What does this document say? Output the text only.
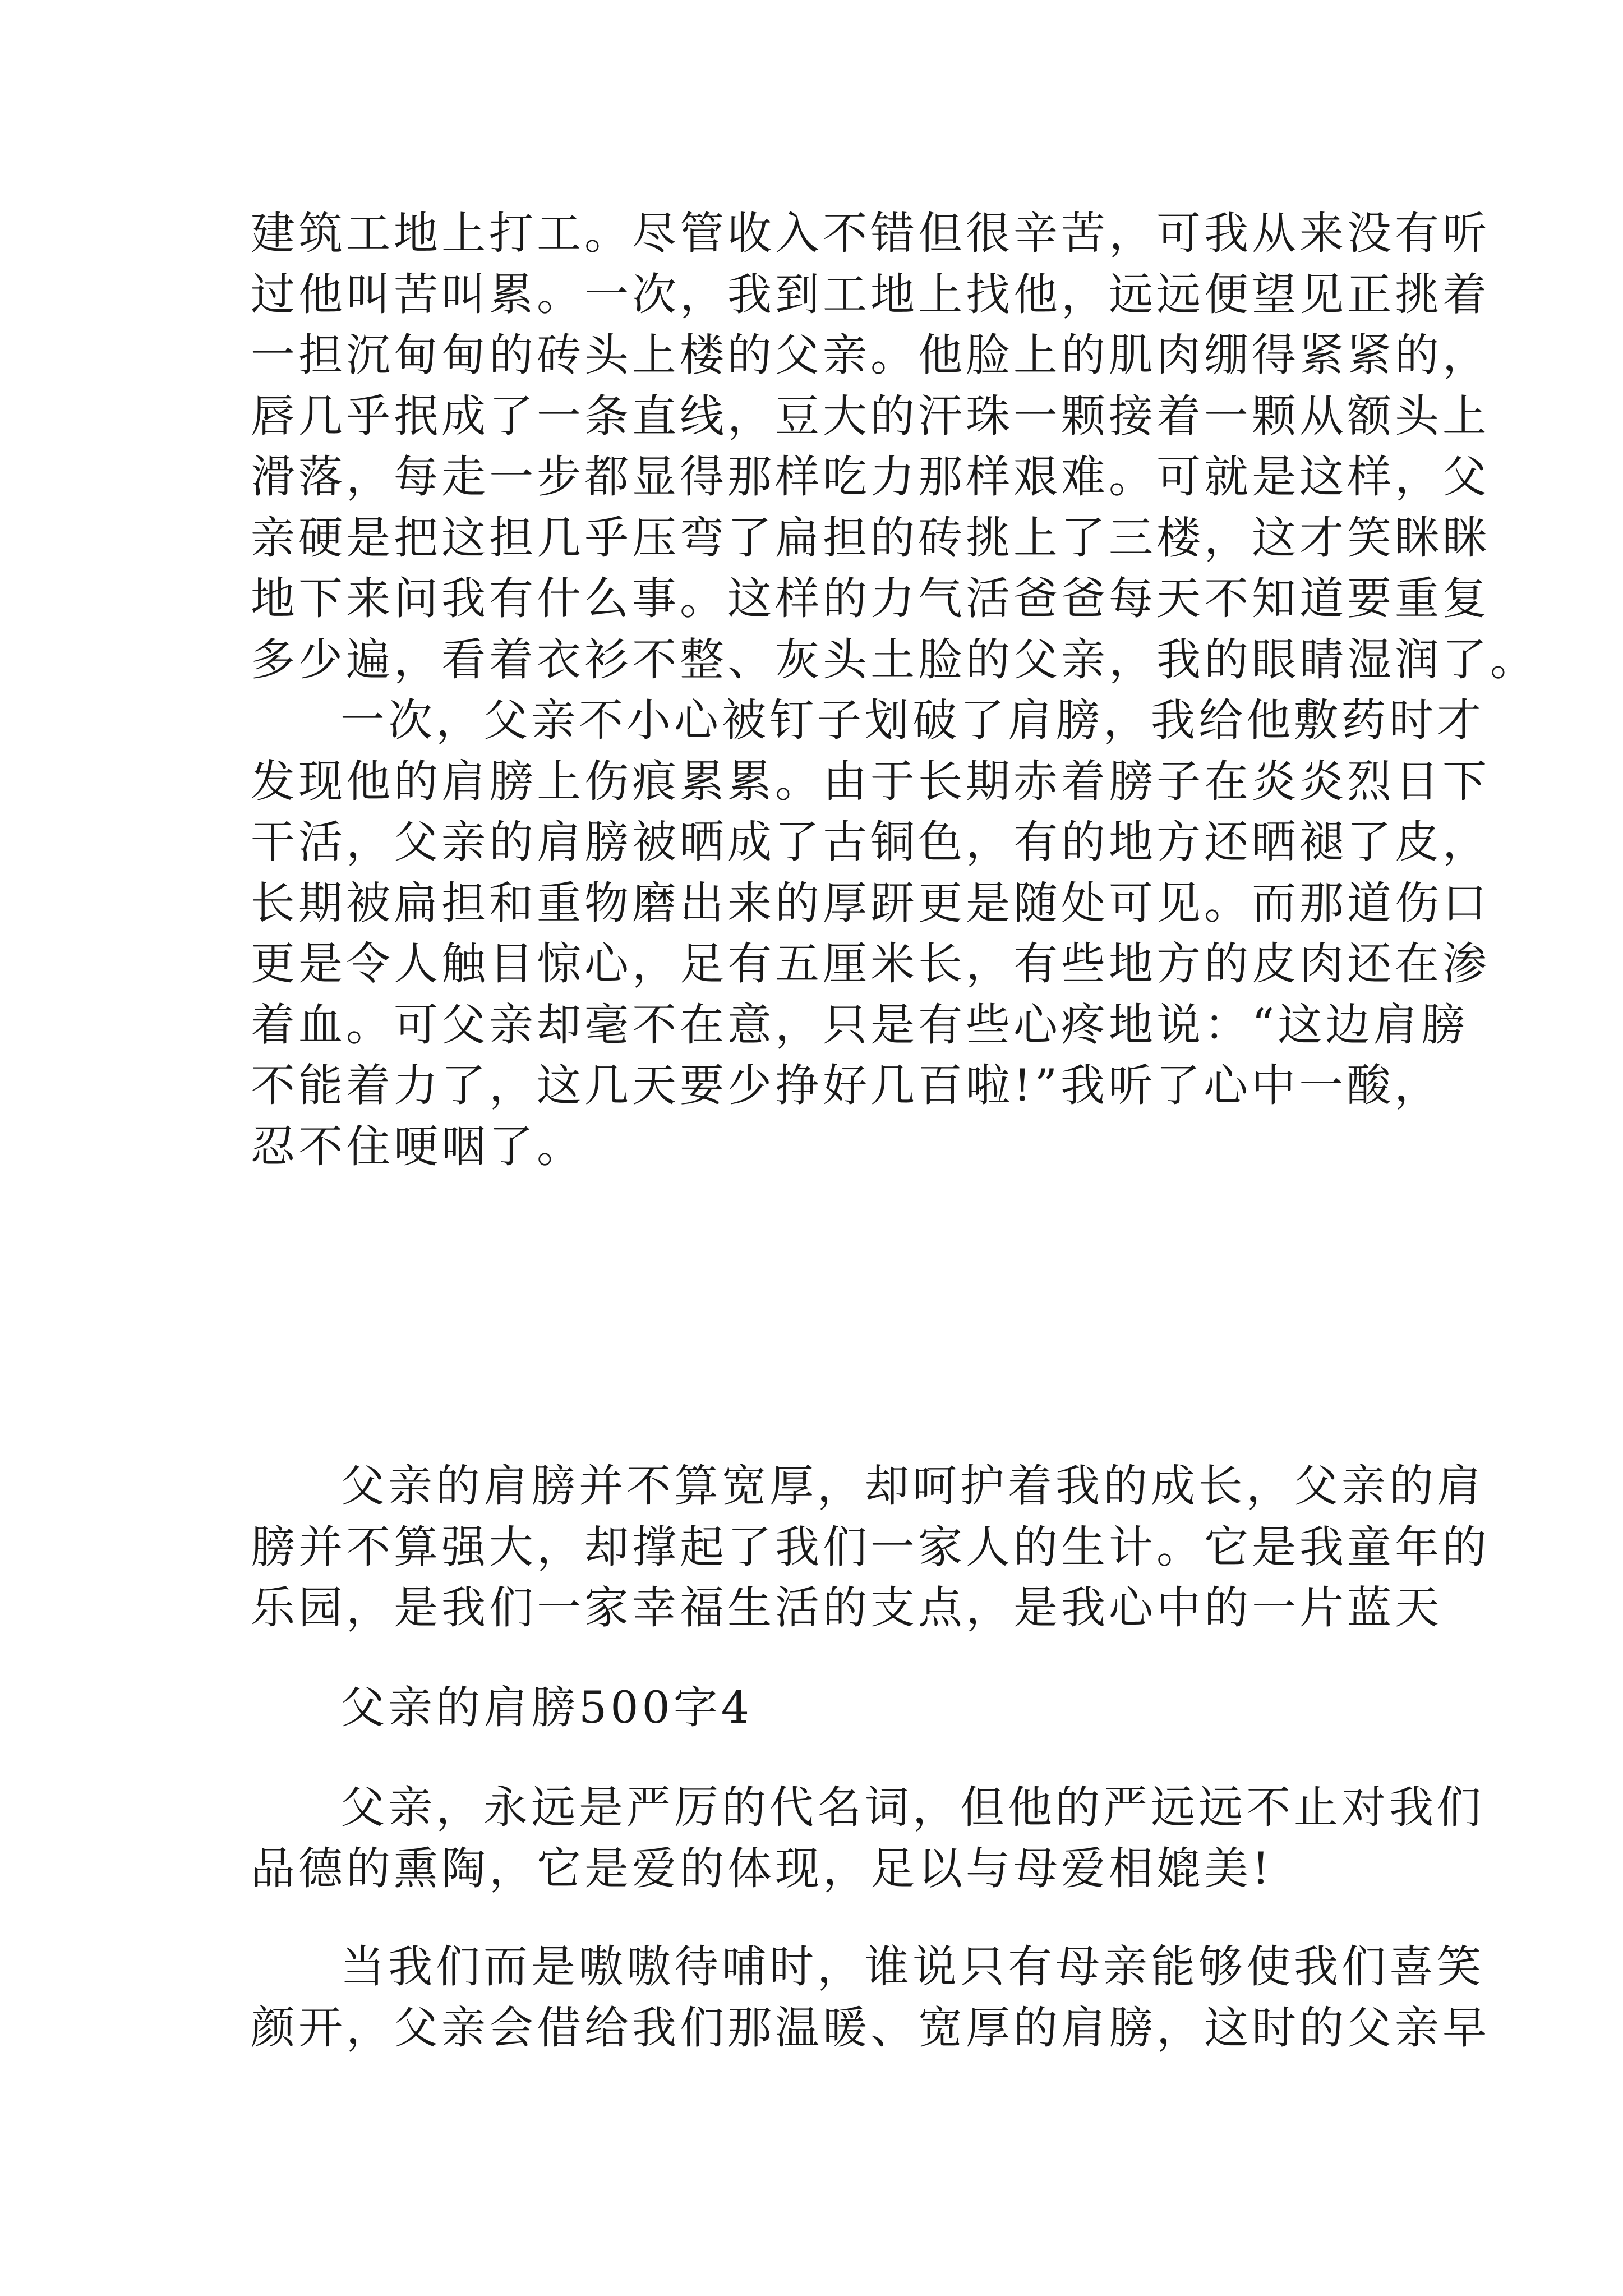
建筑工地上打工。尽管收入不错但很辛苦，可我从来没有听
过他叫苦叫累。一次，我到工地上找他，远远便望见正挑着
一担沉甸甸的砖头上楼的父亲。他脸上的肌肉绷得紧紧的，
唇几乎抿成了一条直线，豆大的汗珠一颗接着一颗从额头上
滑落，每走一步都显得那样吃力那样艰难。可就是这样，父
亲硬是把这担几乎压弯了扁担的砖挑上了三楼，这才笑眯眯
地下来问我有什么事。这样的力气活爸爸每天不知道要重复
多少遍，看着衣衫不整、灰头土脸的父亲，我的眼睛湿润了。
一次，父亲不小心被钉子划破了肩膀，我给他敷药时才
发现他的肩膀上伤痕累累。由于长期赤着膀子在炎炎烈日下
干活，父亲的肩膀被晒成了古铜色，有的地方还晒褪了皮，
长期被扁担和重物磨出来的厚趼更是随处可见。而那道伤口
更是令人触目惊心，足有五厘米长，有些地方的皮肉还在渗
着血。可父亲却毫不在意，只是有些心疼地说：“这边肩膀
不能着力了，这几天要少挣好几百啦!”我听了心中一酸，
忍不住哽咽了。
父亲的肩膀并不算宽厚，却呵护着我的成长，父亲的肩
膀并不算强大，却撑起了我们一家人的生计。它是我童年的
乐园，是我们一家幸福生活的支点，是我心中的一片蓝天
父亲的肩膀500字4
父亲，永远是严厉的代名词，但他的严远远不止对我们
品德的熏陶，它是爱的体现，足以与母爱相媲美!
当我们而是嗷嗷待哺时，谁说只有母亲能够使我们喜笑
颜开，父亲会借给我们那温暖、宽厚的肩膀，这时的父亲早
